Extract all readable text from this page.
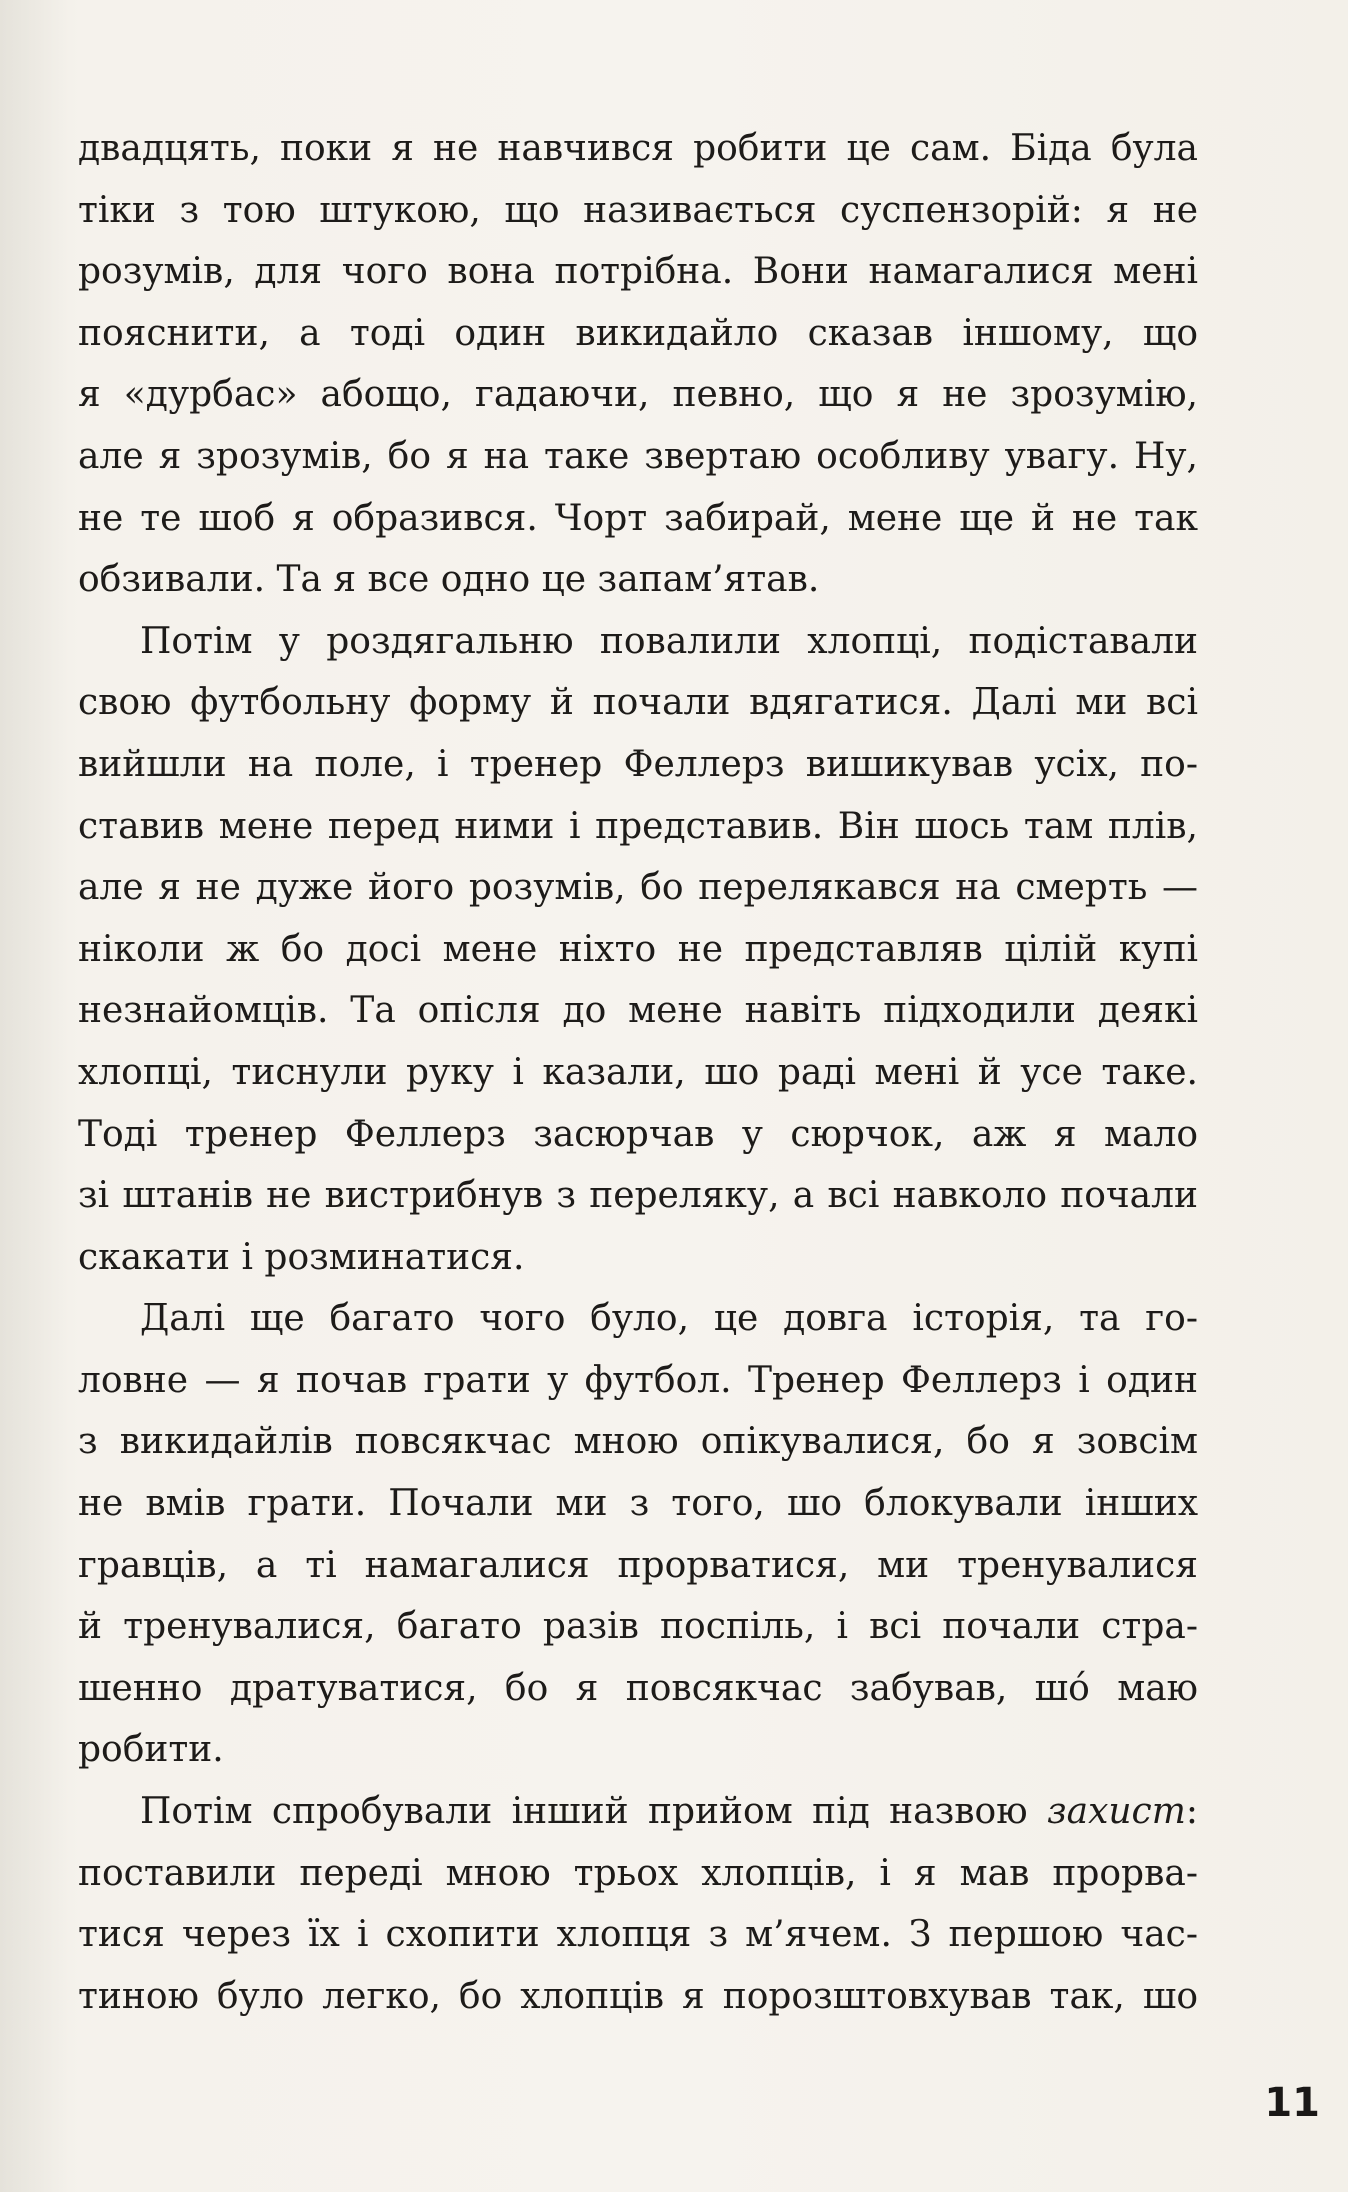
двадцять, поки я не навчився робити це сам. Біда була
тіки з тою штукою, що називається суспензорій: я не
розумів, для чого вона потрібна. Вони намагалися мені
пояснити, а тоді один викидайло сказав іншому, що
я «дурбас» абощо, гадаючи, певно, що я не зрозумію,
але я зрозумів, бо я на таке звертаю особливу увагу. Ну,
не те шоб я образився. Чорт забирай, мене ще й не так
обзивали. Та я все одно це запам’ятав.

Потім у роздягальню повалили хлопці, подіставали
свою футбольну форму й почали вдягатися. Далі ми всі
вийшли на поле, і тренер Феллерз вишикував усіх, по-
ставив мене перед ними і представив. Він шось там плів,
але я не дуже його розумів, бо перелякався на смерть —
ніколи ж бо досі мене ніхто не представляв цілій купі
незнайомців. Та опісля до мене навіть підходили деякі
хлопці, тиснули руку і казали, шо раді мені й усе таке.
Тоді тренер Феллерз засюрчав у сюрчок, аж я мало
зі штанів не вистрибнув з переляку, а всі навколо почали
скакати і розминатися.

Далі ще багато чого було, це довга історія, та го-
ловне — я почав грати у футбол. Тренер Феллерз і один
з викидайлів повсякчас мною опікувалися, бо я зовсім
не вмів грати. Почали ми з того, шо блокували інших
гравців, а ті намагалися прорватися, ми тренувалися
й тренувалися, багато разів поспіль, і всі почали стра-
шенно дратуватися, бо я повсякчас забував, шо́ маю
робити.

Потім спробували інший прийом під назвою захист:
поставили переді мною трьох хлопців, і я мав прорва-
тися через їх і схопити хлопця з м’ячем. З першою час-
тиною було легко, бо хлопців я порозштовхував так, шо

11
